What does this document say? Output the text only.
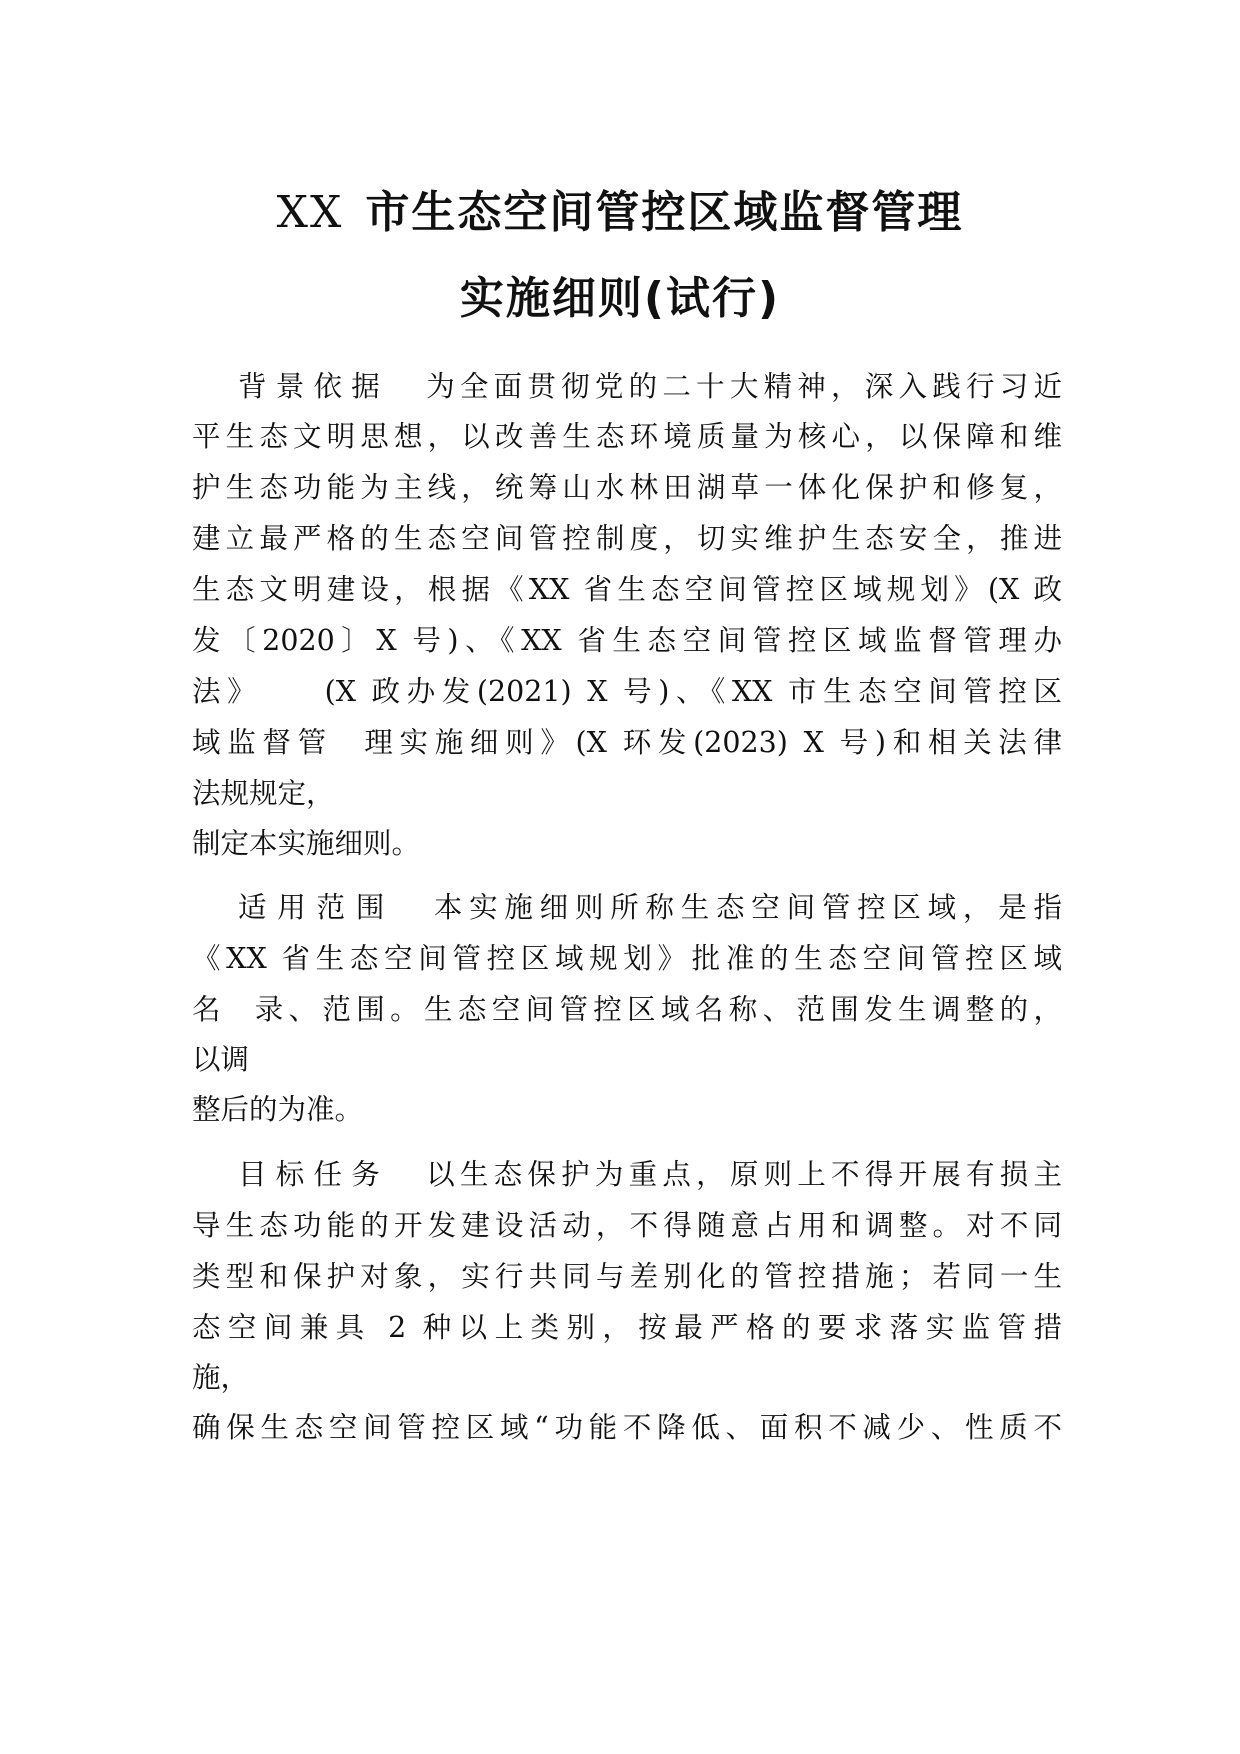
XX 市生态空间管控区域监督管理
实施细则(试行)

背景依据 为全面贯彻党的二十大精神，深入践行习近

平生态文明思想，以改善生态环境质量为核心，以保障和维

护生态功能为主线，统筹山水林田湖草一体化保护和修复，

建立最严格的生态空间管控制度，切实维护生态安全，推进

生态文明建设，根据《XX 省生态空间管控区域规划》(X 政

发〔2020〕X 号)、《XX 省生态空间管控区域监督管理办

法》    (X 政办发(2021) X 号)、《XX 市生态空间管控区

域监督管  理实施细则》(X 环发(2023) X 号)和相关法律

法规规定，

制定本实施细则。

适用范围 本实施细则所称生态空间管控区域，是指

《XX 省生态空间管控区域规划》批准的生态空间管控区域

名  录、范围。生态空间管控区域名称、范围发生调整的，

以调

整后的为准。

目标任务 以生态保护为重点，原则上不得开展有损主

导生态功能的开发建设活动，不得随意占用和调整。对不同

类型和保护对象，实行共同与差别化的管控措施；若同一生

态空间兼具 2 种以上类别，按最严格的要求落实监管措

施，

确保生态空间管控区域“功能不降低、面积不减少、性质不
